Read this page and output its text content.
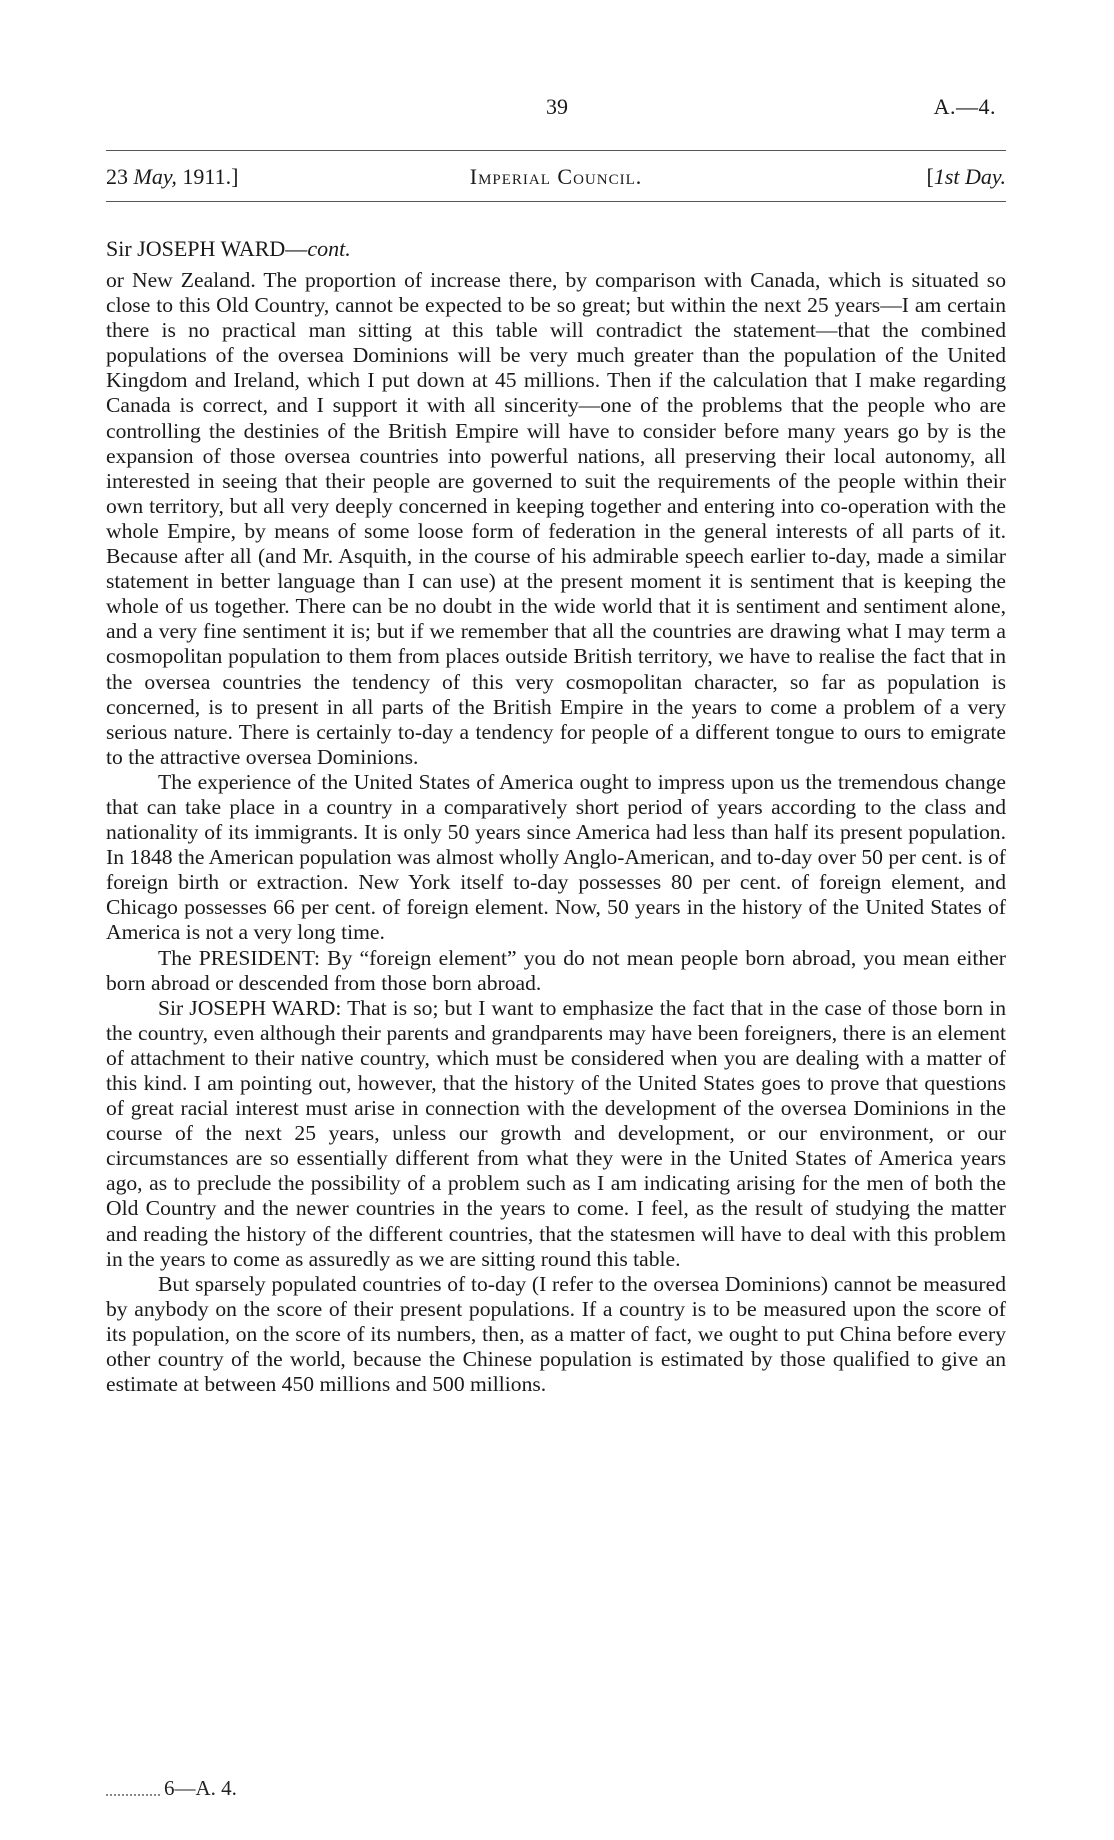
39	A.—4.
23 May, 1911.]	Imperial Council.	[1st Day.
Sir JOSEPH WARD—cont.

or New Zealand. The proportion of increase there, by comparison with Canada, which is situated so close to this Old Country, cannot be expected to be so great; but within the next 25 years—I am certain there is no practical man sitting at this table will contradict the statement—that the combined populations of the oversea Dominions will be very much greater than the population of the United Kingdom and Ireland, which I put down at 45 millions. Then if the calculation that I make regarding Canada is correct, and I support it with all sincerity—one of the problems that the people who are controlling the destinies of the British Empire will have to consider before many years go by is the expansion of those oversea countries into powerful nations, all preserving their local autonomy, all interested in seeing that their people are governed to suit the requirements of the people within their own territory, but all very deeply concerned in keeping together and entering into co-operation with the whole Empire, by means of some loose form of federation in the general interests of all parts of it. Because after all (and Mr. Asquith, in the course of his admirable speech earlier to-day, made a similar statement in better language than I can use) at the present moment it is sentiment that is keeping the whole of us together. There can be no doubt in the wide world that it is sentiment and sentiment alone, and a very fine sentiment it is; but if we remember that all the countries are drawing what I may term a cosmopolitan population to them from places outside British territory, we have to realise the fact that in the oversea countries the tendency of this very cosmopolitan character, so far as population is concerned, is to present in all parts of the British Empire in the years to come a problem of a very serious nature. There is certainly to-day a tendency for people of a different tongue to ours to emigrate to the attractive oversea Dominions.

The experience of the United States of America ought to impress upon us the tremendous change that can take place in a country in a comparatively short period of years according to the class and nationality of its immigrants. It is only 50 years since America had less than half its present population. In 1848 the American population was almost wholly Anglo-American, and to-day over 50 per cent. is of foreign birth or extraction. New York itself to-day possesses 80 per cent. of foreign element, and Chicago possesses 66 per cent. of foreign element. Now, 50 years in the history of the United States of America is not a very long time.

The PRESIDENT: By “foreign element” you do not mean people born abroad, you mean either born abroad or descended from those born abroad.

Sir JOSEPH WARD: That is so; but I want to emphasize the fact that in the case of those born in the country, even although their parents and grandparents may have been foreigners, there is an element of attachment to their native country, which must be considered when you are dealing with a matter of this kind. I am pointing out, however, that the history of the United States goes to prove that questions of great racial interest must arise in connection with the development of the oversea Dominions in the course of the next 25 years, unless our growth and development, or our environment, or our circumstances are so essentially different from what they were in the United States of America years ago, as to preclude the possibility of a problem such as I am indicating arising for the men of both the Old Country and the newer countries in the years to come. I feel, as the result of studying the matter and reading the history of the different countries, that the statesmen will have to deal with this problem in the years to come as assuredly as we are sitting round this table.

But sparsely populated countries of to-day (I refer to the oversea Dominions) cannot be measured by anybody on the score of their present populations. If a country is to be measured upon the score of its population, on the score of its numbers, then, as a matter of fact, we ought to put China before every other country of the world, because the Chinese population is estimated by those qualified to give an estimate at between 450 millions and 500 millions.

6—A. 4.
